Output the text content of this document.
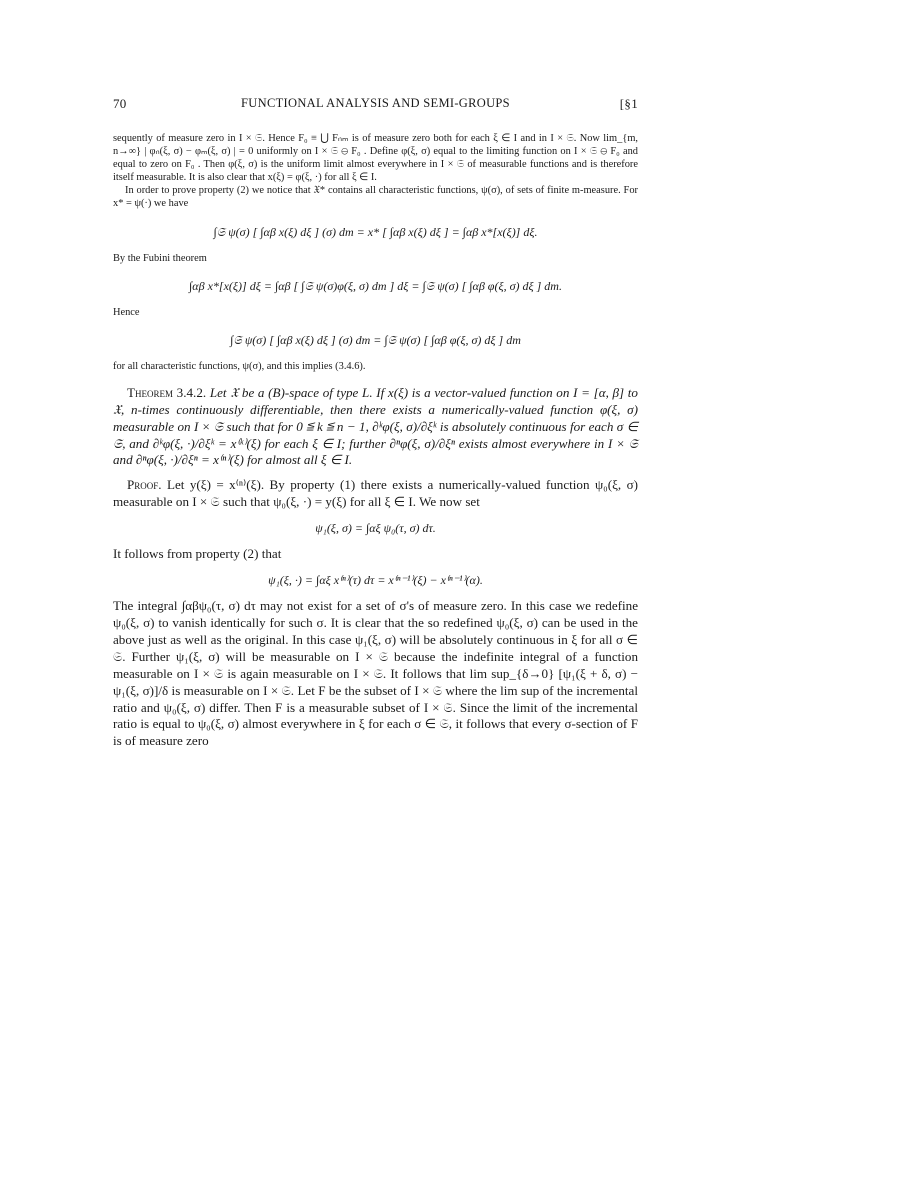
70	FUNCTIONAL ANALYSIS AND SEMI-GROUPS	[§1

sequently of measure zero in I × 𝔖. Hence F₀ ≡ ⋃ Fₙₘ is of measure zero both for each ξ ∈ I and in I × 𝔖. Now lim_{m, n→∞} | φₙ(ξ, σ) − φₘ(ξ, σ) | = 0 uniformly on I × 𝔖 ⊖ F₀ . Define φ(ξ, σ) equal to the limiting function on I × 𝔖 ⊖ F₀ and equal to zero on F₀ . Then φ(ξ, σ) is the uniform limit almost everywhere in I × 𝔖 of measurable functions and is therefore itself measurable. It is also clear that x(ξ) = φ(ξ, ·) for all ξ ∈ I.

In order to prove property (2) we notice that 𝔛* contains all characteristic functions, ψ(σ), of sets of finite m-measure. For x* = ψ(·) we have

∫𝔖 ψ(σ) [ ∫αβ x(ξ) dξ ] (σ) dm = x* [ ∫αβ x(ξ) dξ ] = ∫αβ x*[x(ξ)] dξ.

By the Fubini theorem

∫αβ x*[x(ξ)] dξ = ∫αβ [ ∫𝔖 ψ(σ)φ(ξ, σ) dm ] dξ = ∫𝔖 ψ(σ) [ ∫αβ φ(ξ, σ) dξ ] dm.

Hence

∫𝔖 ψ(σ) [ ∫αβ x(ξ) dξ ] (σ) dm = ∫𝔖 ψ(σ) [ ∫αβ φ(ξ, σ) dξ ] dm

for all characteristic functions, ψ(σ), and this implies (3.4.6).

Theorem 3.4.2. Let 𝔛 be a (B)-space of type L. If x(ξ) is a vector-valued function on I = [α, β] to 𝔛, n-times continuously differentiable, then there exists a numerically-valued function φ(ξ, σ) measurable on I × 𝔖 such that for 0 ≦ k ≦ n − 1, ∂ᵏφ(ξ, σ)/∂ξᵏ is absolutely continuous for each σ ∈ 𝔖, and ∂ᵏφ(ξ, ·)/∂ξᵏ = x⁽ᵏ⁾(ξ) for each ξ ∈ I; further ∂ⁿφ(ξ, σ)/∂ξⁿ exists almost everywhere in I × 𝔖 and ∂ⁿφ(ξ, ·)/∂ξⁿ = x⁽ⁿ⁾(ξ) for almost all ξ ∈ I.

Proof. Let y(ξ) = x⁽ⁿ⁾(ξ). By property (1) there exists a numerically-valued function ψ₀(ξ, σ) measurable on I × 𝔖 such that ψ₀(ξ, ·) = y(ξ) for all ξ ∈ I. We now set

ψ₁(ξ, σ) = ∫αξ ψ₀(τ, σ) dτ.

It follows from property (2) that

ψ₁(ξ, ·) = ∫αξ x⁽ⁿ⁾(τ) dτ = x⁽ⁿ⁻¹⁾(ξ) − x⁽ⁿ⁻¹⁾(α).

The integral ∫αβψ₀(τ, σ) dτ may not exist for a set of σ's of measure zero. In this case we redefine ψ₀(ξ, σ) to vanish identically for such σ. It is clear that the so redefined ψ₀(ξ, σ) can be used in the above just as well as the original. In this case ψ₁(ξ, σ) will be absolutely continuous in ξ for all σ ∈ 𝔖. Further ψ₁(ξ, σ) will be measurable on I × 𝔖 because the indefinite integral of a function measurable on I × 𝔖 is again measurable on I × 𝔖. It follows that lim sup_{δ→0} [ψ₁(ξ + δ, σ) − ψ₁(ξ, σ)]/δ is measurable on I × 𝔖. Let F be the subset of I × 𝔖 where the lim sup of the incremental ratio and ψ₀(ξ, σ) differ. Then F is a measurable subset of I × 𝔖. Since the limit of the incremental ratio is equal to ψ₀(ξ, σ) almost everywhere in ξ for each σ ∈ 𝔖, it follows that every σ-section of F is of measure zero
